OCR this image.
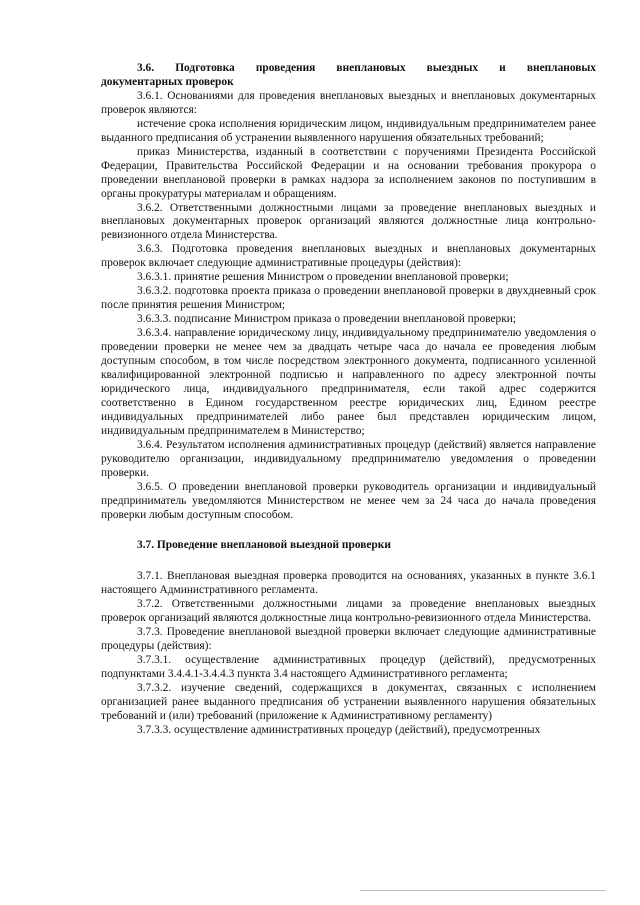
3.6. Подготовка проведения внеплановых выездных и внеплановых
документарных проверок

3.6.1. Основаниями для проведения внеплановых выездных и внеплановых документарных проверок являются:

истечение срока исполнения юридическим лицом, индивидуальным предпринимателем ранее выданного предписания об устранении выявленного нарушения обязательных требований;

приказ Министерства, изданный в соответствии с поручениями Президента Российской Федерации, Правительства Российской Федерации и на основании требования прокурора о проведении внеплановой проверки в рамках надзора за исполнением законов по поступившим в органы прокуратуры материалам и обращениям.

3.6.2. Ответственными должностными лицами за проведение внеплановых выездных и внеплановых документарных проверок организаций являются должностные лица контрольно-ревизионного отдела Министерства.

3.6.3. Подготовка проведения внеплановых выездных и внеплановых документарных проверок включает следующие административные процедуры (действия):

3.6.3.1. принятие решения Министром о проведении внеплановой проверки;

3.6.3.2. подготовка проекта приказа о проведении внеплановой проверки в двухдневный срок после принятия решения Министром;

3.6.3.3. подписание Министром приказа о проведении внеплановой проверки;

3.6.3.4. направление юридическому лицу, индивидуальному предпринимателю уведомления о проведении проверки не менее чем за двадцать четыре часа до начала ее проведения любым доступным способом, в том числе посредством электронного документа, подписанного усиленной квалифицированной электронной подписью и направленного по адресу электронной почты юридического лица, индивидуального предпринимателя, если такой адрес содержится соответственно в Едином государственном реестре юридических лиц, Едином реестре индивидуальных предпринимателей либо ранее был представлен юридическим лицом, индивидуальным предпринимателем в Министерство;

3.6.4. Результатом исполнения административных процедур (действий) является направление руководителю организации, индивидуальному предпринимателю уведомления о проведении проверки.

3.6.5. О проведении внеплановой проверки руководитель организации и индивидуальный предприниматель уведомляются Министерством не менее чем за 24 часа до начала проведения проверки любым доступным способом.

3.7. Проведение внеплановой выездной проверки

3.7.1. Внеплановая выездная проверка проводится на основаниях, указанных в пункте 3.6.1 настоящего Административного регламента.

3.7.2. Ответственными должностными лицами за проведение внеплановых выездных проверок организаций являются должностные лица контрольно-ревизионного отдела Министерства.

3.7.3. Проведение внеплановой выездной проверки включает следующие административные процедуры (действия):

3.7.3.1. осуществление административных процедур (действий), предусмотренных подпунктами 3.4.4.1-3.4.4.3 пункта 3.4 настоящего Административного регламента;

3.7.3.2. изучение сведений, содержащихся в документах, связанных с исполнением организацией ранее выданного предписания об устранении выявленного нарушения обязательных требований и (или) требований (приложение к Административному регламенту)

3.7.3.3. осуществление административных процедур (действий), предусмотренных
